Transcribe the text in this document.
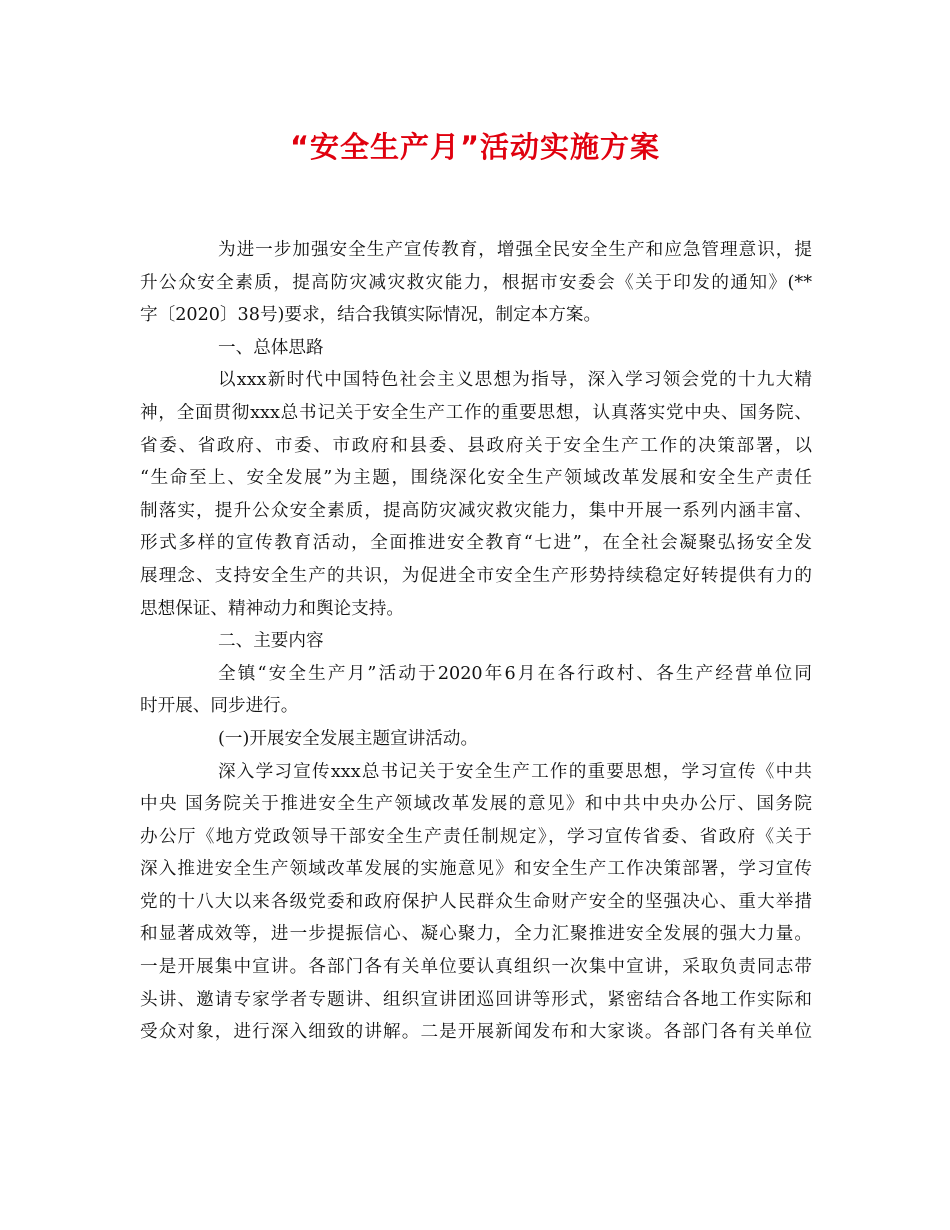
“安全生产月”活动实施方案
为进一步加强安全生产宣传教育，增强全民安全生产和应急管理意识，提
升公众安全素质，提高防灾减灾救灾能力，根据市安委会《关于印发的通知》(**
字〔2020〕38号)要求，结合我镇实际情况，制定本方案。
一、总体思路
以xxx新时代中国特色社会主义思想为指导，深入学习领会党的十九大精
神，全面贯彻xxx总书记关于安全生产工作的重要思想，认真落实党中央、国务院、
省委、省政府、市委、市政府和县委、县政府关于安全生产工作的决策部署，以
“生命至上、安全发展”为主题，围绕深化安全生产领域改革发展和安全生产责任
制落实，提升公众安全素质，提高防灾减灾救灾能力，集中开展一系列内涵丰富、
形式多样的宣传教育活动，全面推进安全教育“七进”，在全社会凝聚弘扬安全发
展理念、支持安全生产的共识，为促进全市安全生产形势持续稳定好转提供有力的
思想保证、精神动力和舆论支持。
二、主要内容
全镇“安全生产月”活动于2020年6月在各行政村、各生产经营单位同
时开展、同步进行。
(一)开展安全发展主题宣讲活动。
深入学习宣传xxx总书记关于安全生产工作的重要思想，学习宣传《中共
中央 国务院关于推进安全生产领域改革发展的意见》和中共中央办公厅、国务院
办公厅《地方党政领导干部安全生产责任制规定》，学习宣传省委、省政府《关于
深入推进安全生产领域改革发展的实施意见》和安全生产工作决策部署，学习宣传
党的十八大以来各级党委和政府保护人民群众生命财产安全的坚强决心、重大举措
和显著成效等，进一步提振信心、凝心聚力，全力汇聚推进安全发展的强大力量。
一是开展集中宣讲。各部门各有关单位要认真组织一次集中宣讲，采取负责同志带
头讲、邀请专家学者专题讲、组织宣讲团巡回讲等形式，紧密结合各地工作实际和
受众对象，进行深入细致的讲解。二是开展新闻发布和大家谈。各部门各有关单位
